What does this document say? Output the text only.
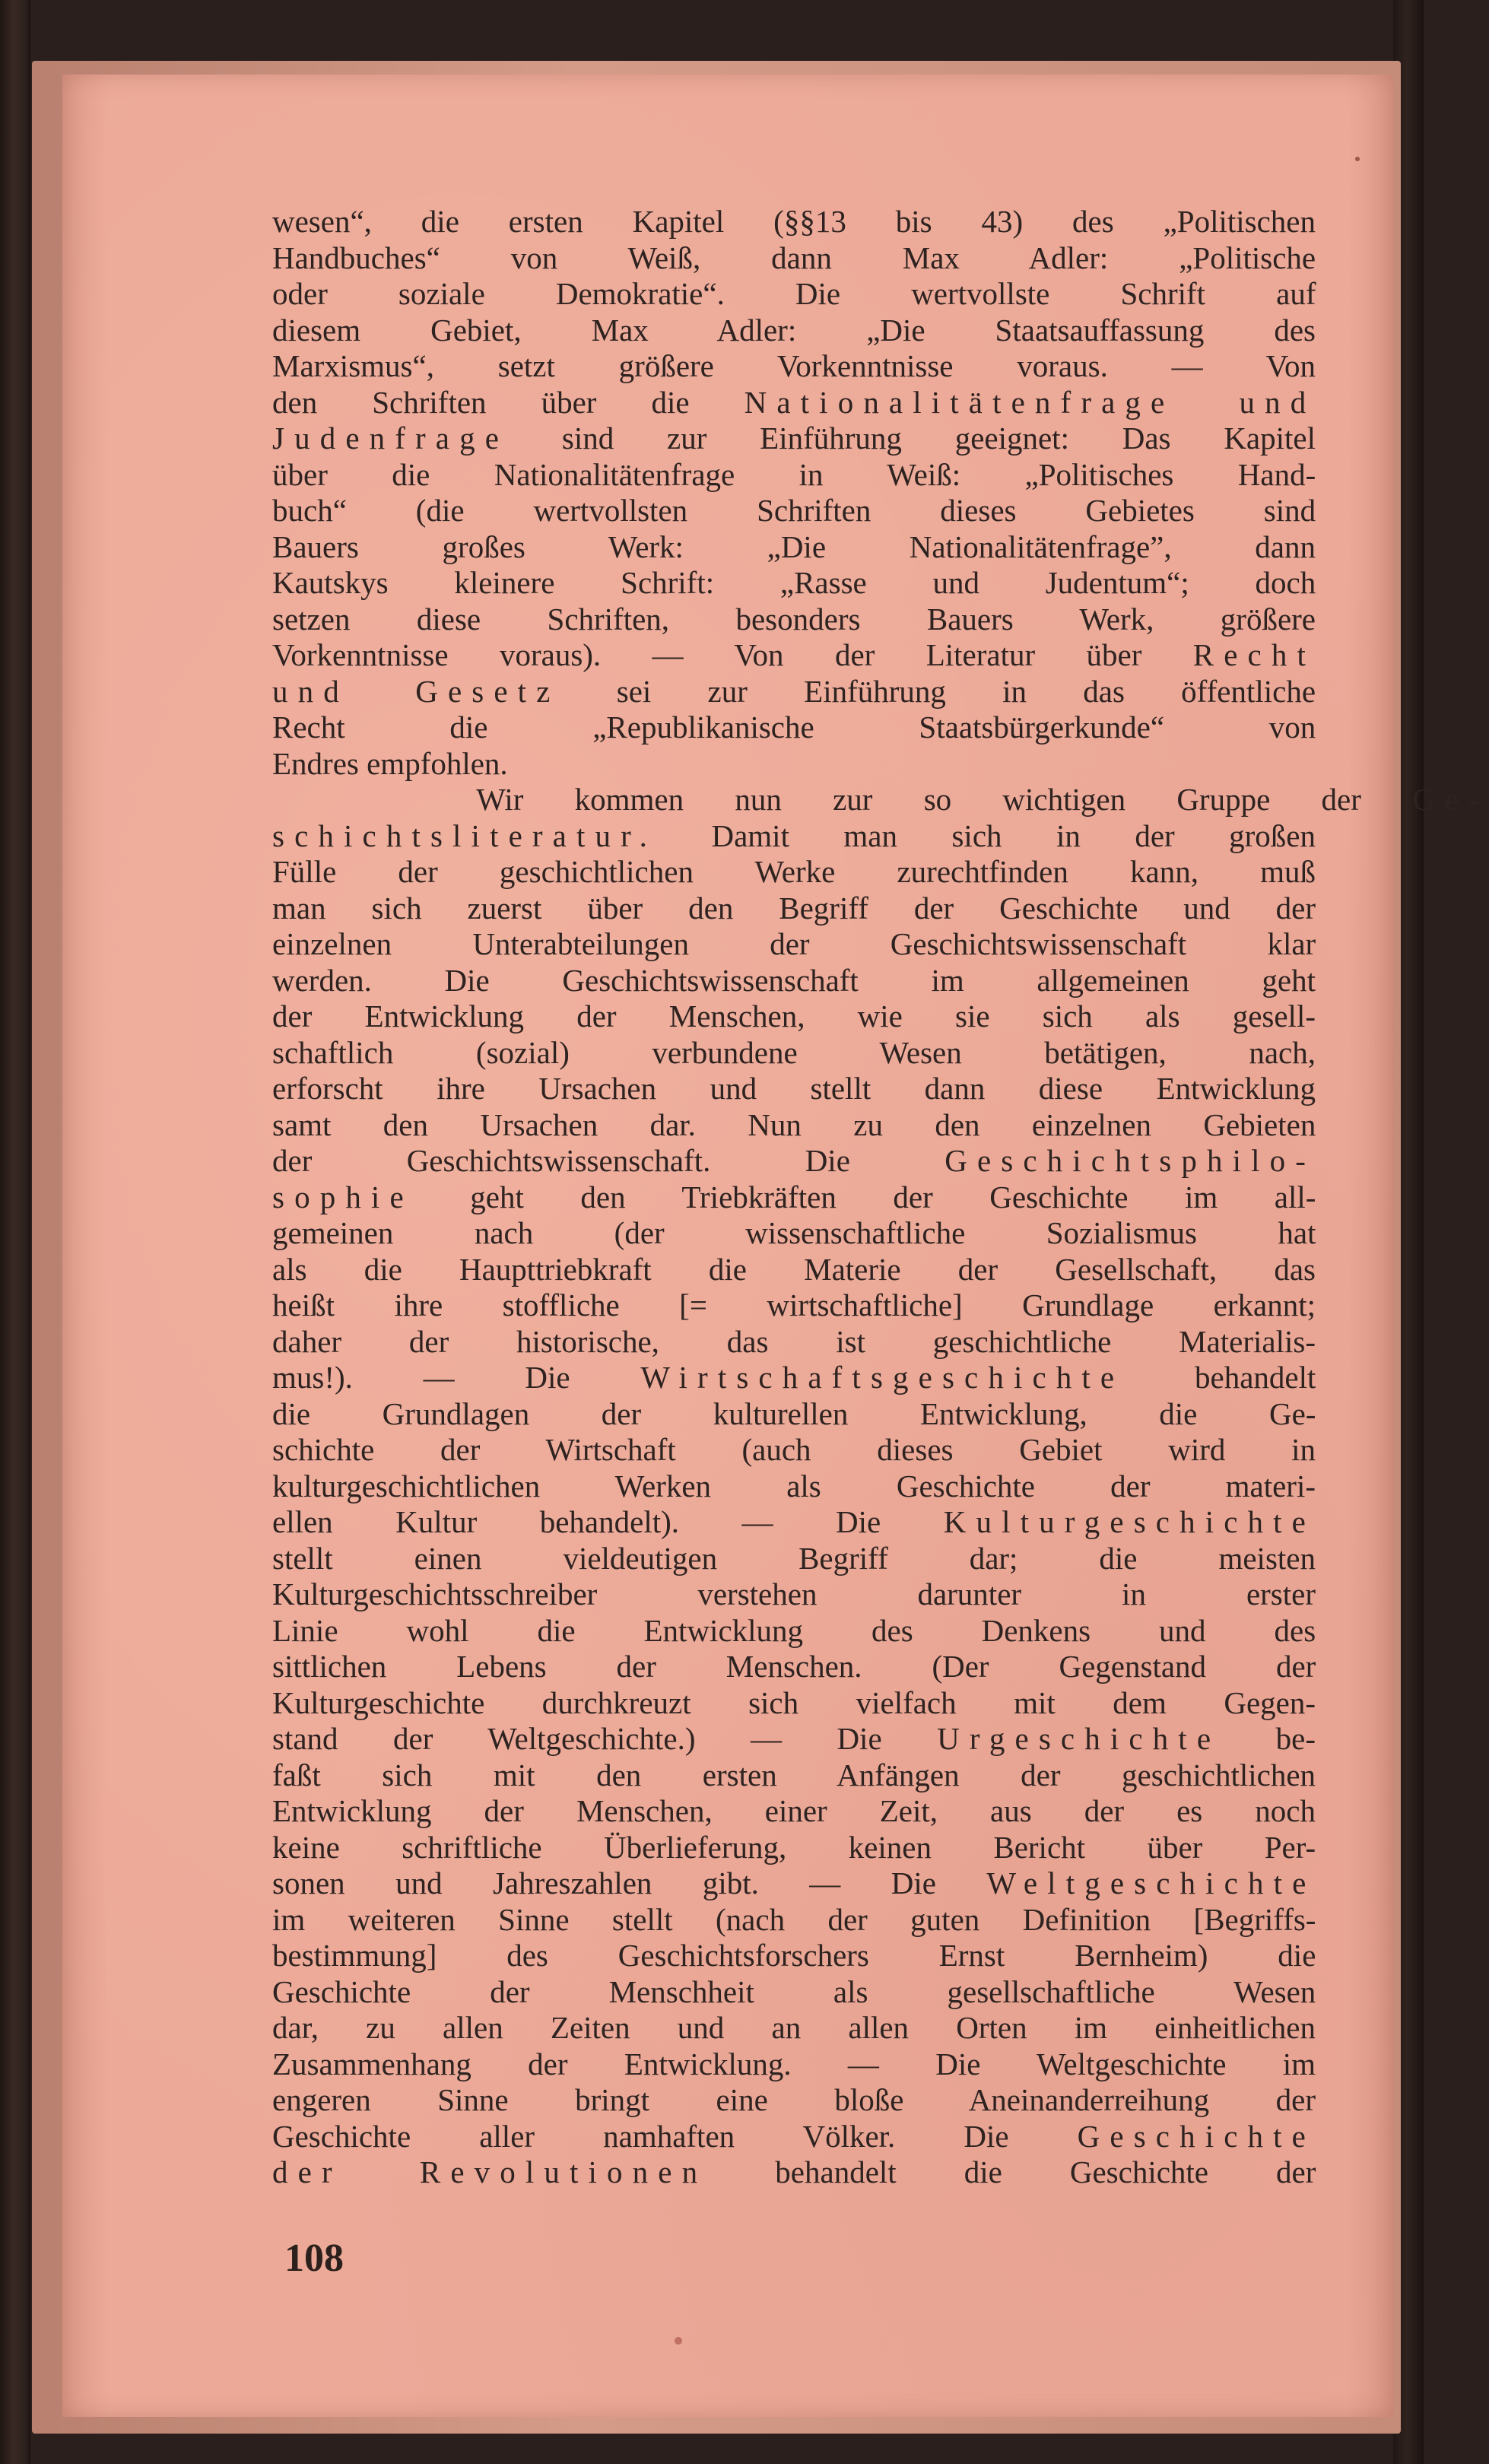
wesen“, die ersten Kapitel (§§13 bis 43) des „Politischen
Handbuches“ von Weiß, dann Max Adler: „Politische
oder soziale Demokratie“. Die wertvollste Schrift auf
diesem Gebiet, Max Adler: „Die Staatsauffassung des
Marxismus“, setzt größere Vorkenntnisse voraus. — Von
den Schriften über die Nationalitätenfrage und
Judenfrage sind zur Einführung geeignet: Das Kapitel
über die Nationalitätenfrage in Weiß: „Politisches Hand-
buch“ (die wertvollsten Schriften dieses Gebietes sind
Bauers großes Werk: „Die Nationalitätenfrage”, dann
Kautskys kleinere Schrift: „Rasse und Judentum“; doch
setzen diese Schriften, besonders Bauers Werk, größere
Vorkenntnisse voraus). — Von der Literatur über Recht
und Gesetz sei zur Einführung in das öffentliche
Recht die „Republikanische Staatsbürgerkunde“ von
Endres empfohlen.
Wir kommen nun zur so wichtigen Gruppe der Ge-
schichtsliteratur. Damit man sich in der großen
Fülle der geschichtlichen Werke zurechtfinden kann, muß
man sich zuerst über den Begriff der Geschichte und der
einzelnen Unterabteilungen der Geschichtswissenschaft klar
werden. Die Geschichtswissenschaft im allgemeinen geht
der Entwicklung der Menschen, wie sie sich als gesell-
schaftlich (sozial) verbundene Wesen betätigen, nach,
erforscht ihre Ursachen und stellt dann diese Entwicklung
samt den Ursachen dar. Nun zu den einzelnen Gebieten
der Geschichtswissenschaft. Die Geschichtsphilo-
sophie geht den Triebkräften der Geschichte im all-
gemeinen nach (der wissenschaftliche Sozialismus hat
als die Haupttriebkraft die Materie der Gesellschaft, das
heißt ihre stoffliche [= wirtschaftliche] Grundlage erkannt;
daher der historische, das ist geschichtliche Materialis-
mus!). — Die Wirtschaftsgeschichte behandelt
die Grundlagen der kulturellen Entwicklung, die Ge-
schichte der Wirtschaft (auch dieses Gebiet wird in
kulturgeschichtlichen Werken als Geschichte der materi-
ellen Kultur behandelt). — Die Kulturgeschichte
stellt einen vieldeutigen Begriff dar; die meisten
Kulturgeschichtsschreiber verstehen darunter in erster
Linie wohl die Entwicklung des Denkens und des
sittlichen Lebens der Menschen. (Der Gegenstand der
Kulturgeschichte durchkreuzt sich vielfach mit dem Gegen-
stand der Weltgeschichte.) — Die Urgeschichte be-
faßt sich mit den ersten Anfängen der geschichtlichen
Entwicklung der Menschen, einer Zeit, aus der es noch
keine schriftliche Überlieferung, keinen Bericht über Per-
sonen und Jahreszahlen gibt. — Die Weltgeschichte
im weiteren Sinne stellt (nach der guten Definition [Begriffs-
bestimmung] des Geschichtsforschers Ernst Bernheim) die
Geschichte der Menschheit als gesellschaftliche Wesen
dar, zu allen Zeiten und an allen Orten im einheitlichen
Zusammenhang der Entwicklung. — Die Weltgeschichte im
engeren Sinne bringt eine bloße Aneinanderreihung der
Geschichte aller namhaften Völker. Die Geschichte
der Revolutionen behandelt die Geschichte der
108
